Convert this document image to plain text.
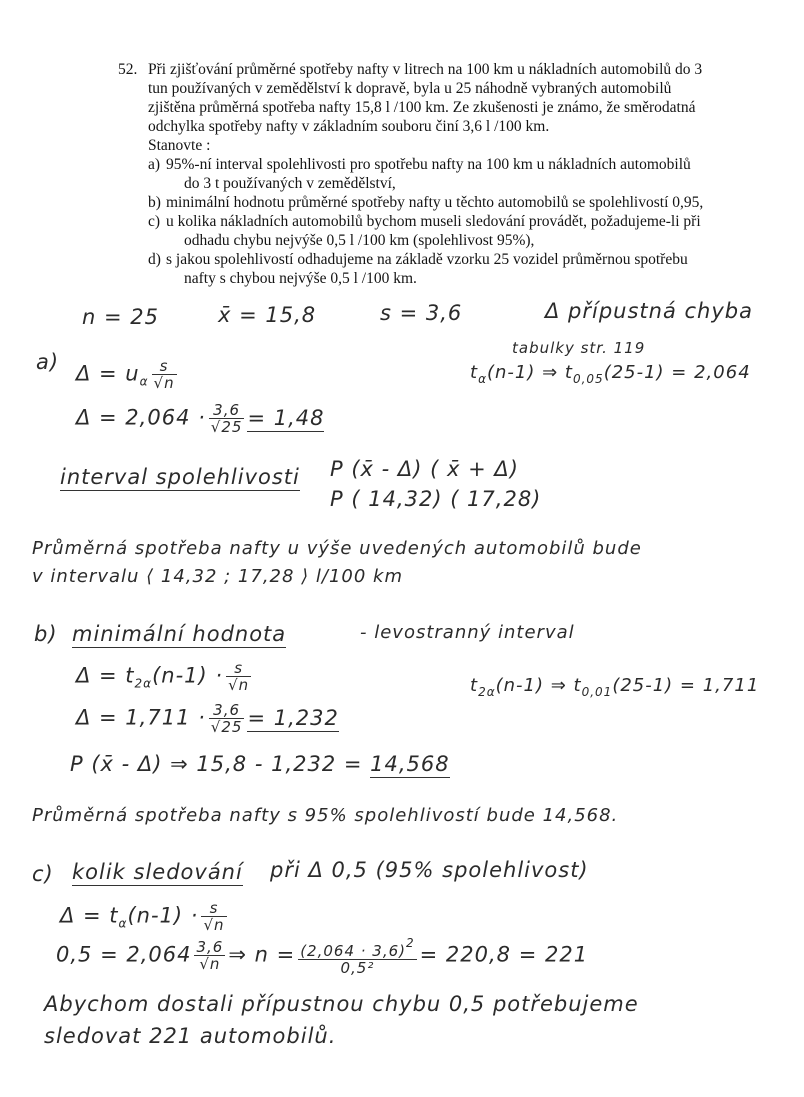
52. Při zjišťování průměrné spotřeby nafty v litrech na 100 km u nákladních automobilů do 3

tun používaných v zemědělství k dopravě, byla u 25 náhodně vybraných automobilů

zjištěna průměrná spotřeba nafty 15,8 l /100 km. Ze zkušenosti je známo, že směrodatná

odchylka spotřeby nafty v základním souboru činí 3,6 l /100 km.

Stanovte :

a) 95%-ní interval spolehlivosti pro spotřebu nafty na 100 km u nákladních automobilů
do 3 t používaných v zemědělství,
b) minimální hodnotu průměrné spotřeby nafty u těchto automobilů se spolehlivostí 0,95,
c) u kolika nákladních automobilů bychom museli sledování provádět, požadujeme-li při
odhadu chybu nejvýše 0,5 l /100 km (spolehlivost 95%),
d) s jakou spolehlivostí odhadujeme na základě vzorku 25 vozidel průměrnou spotřebu
nafty s chybou nejvýše 0,5 l /100 km.
n = 25	x̄ = 15,8	s = 3,6	Δ přípustná chyba
a) $\Delta = u_\alpha \frac{s}{√n}$
tabulky str. 119
$t_\alpha(n-1)$ ⇒ $t_{0,05}(25-1) = 2,064$
$\Delta = 2,064 \cdot \frac{3,6}{√25} = 1,48$
interval spolehlivosti P (x̄ - Δ) ( x̄ + Δ)
P ( 14,32) ( 17,28)
Průměrná spotřeba nafty u výše uvedených automobilů bude
v intervalu ⟨ 14,32 ; 17,28 ⟩ l/100 km
b) minimální hodnota	- levostranný interval
$\Delta = t_{2\alpha}(n-1) \cdot \frac{s}{√n}$	$t_{2\alpha}(n-1)$ ⇒ $t_{0,01}(25-1) = 1,711$
$\Delta = 1,711 \cdot \frac{3,6}{√25} = 1,232$
P (x̄ - Δ) ⇒ 15,8 - 1,232 = 14,568
Průměrná spotřeba nafty s 95% spolehlivostí bude 14,568.
c) kolik sledování při Δ 0,5 (95% spolehlivost)
$\Delta = t_\alpha(n-1) \cdot \frac{s}{√n}$
$0,5 = 2,064 \frac{3,6}{√n}$ ⇒ $n = \frac{(2,064 \cdot 3,6)^2}{\text{0,5²}} = 220,8 = 221$
Abychom dostali přípustnou chybu 0,5 potřebujeme
sledovat 221 automobilů.
